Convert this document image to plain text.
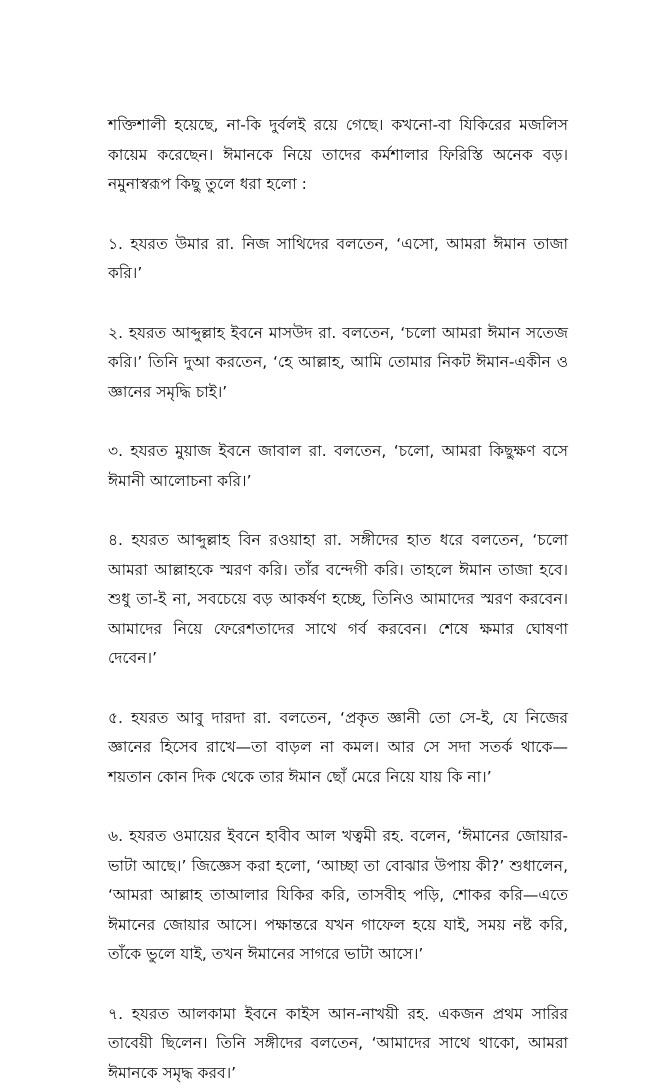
শক্তিশালী হয়েছে, না-কি দুর্বলই রয়ে গেছে। কখনো-বা যিকিরের মজলিস কায়েম করেছেন। ঈমানকে নিয়ে তাদের কর্মশালার ফিরিস্তি অনেক বড়। নমুনাস্বরূপ কিছু তুলে ধরা হলো :

১. হযরত উমার রা. নিজ সাথিদের বলতেন, ‘এসো, আমরা ঈমান তাজা করি।’

২. হযরত আব্দুল্লাহ ইবনে মাসউদ রা. বলতেন, ‘চলো আমরা ঈমান সতেজ করি।’ তিনি দুআ করতেন, ‘হে আল্লাহ, আমি তোমার নিকট ঈমান-একীন ও জ্ঞানের সমৃদ্ধি চাই।’

৩. হযরত মুয়াজ ইবনে জাবাল রা. বলতেন, ‘চলো, আমরা কিছুক্ষণ বসে ঈমানী আলোচনা করি।’

৪. হযরত আব্দুল্লাহ বিন রওয়াহা রা. সঙ্গীদের হাত ধরে বলতেন, ‘চলো আমরা আল্লাহকে স্মরণ করি। তাঁর বন্দেগী করি। তাহলে ঈমান তাজা হবে। শুধু তা-ই না, সবচেয়ে বড় আকর্ষণ হচ্ছে, তিনিও আমাদের স্মরণ করবেন। আমাদের নিয়ে ফেরেশতাদের সাথে গর্ব করবেন। শেষে ক্ষমার ঘোষণা দেবেন।’

৫. হযরত আবু দারদা রা. বলতেন, ‘প্রকৃত জ্ঞানী তো সে-ই, যে নিজের জ্ঞানের হিসেব রাখে—তা বাড়ল না কমল। আর সে সদা সতর্ক থাকে—শয়তান কোন দিক থেকে তার ঈমান ছোঁ মেরে নিয়ে যায় কি না।’

৬. হযরত ওমায়ের ইবনে হাবীব আল খত্বমী রহ. বলেন, ‘ঈমানের জোয়ার-ভাটা আছে।’ জিজ্ঞেস করা হলো, ‘আচ্ছা তা বোঝার উপায় কী?’ শুধালেন, ‘আমরা আল্লাহ তাআলার যিকির করি, তাসবীহ পড়ি, শোকর করি—এতে ঈমানের জোয়ার আসে। পক্ষান্তরে যখন গাফেল হয়ে যাই, সময় নষ্ট করি, তাঁকে ভুলে যাই, তখন ঈমানের সাগরে ভাটা আসে।’

৭. হযরত আলকামা ইবনে কাইস আন-নাখয়ী রহ. একজন প্রথম সারির তাবেয়ী ছিলেন। তিনি সঙ্গীদের বলতেন, ‘আমাদের সাথে থাকো, আমরা ঈমানকে সমৃদ্ধ করব।’
